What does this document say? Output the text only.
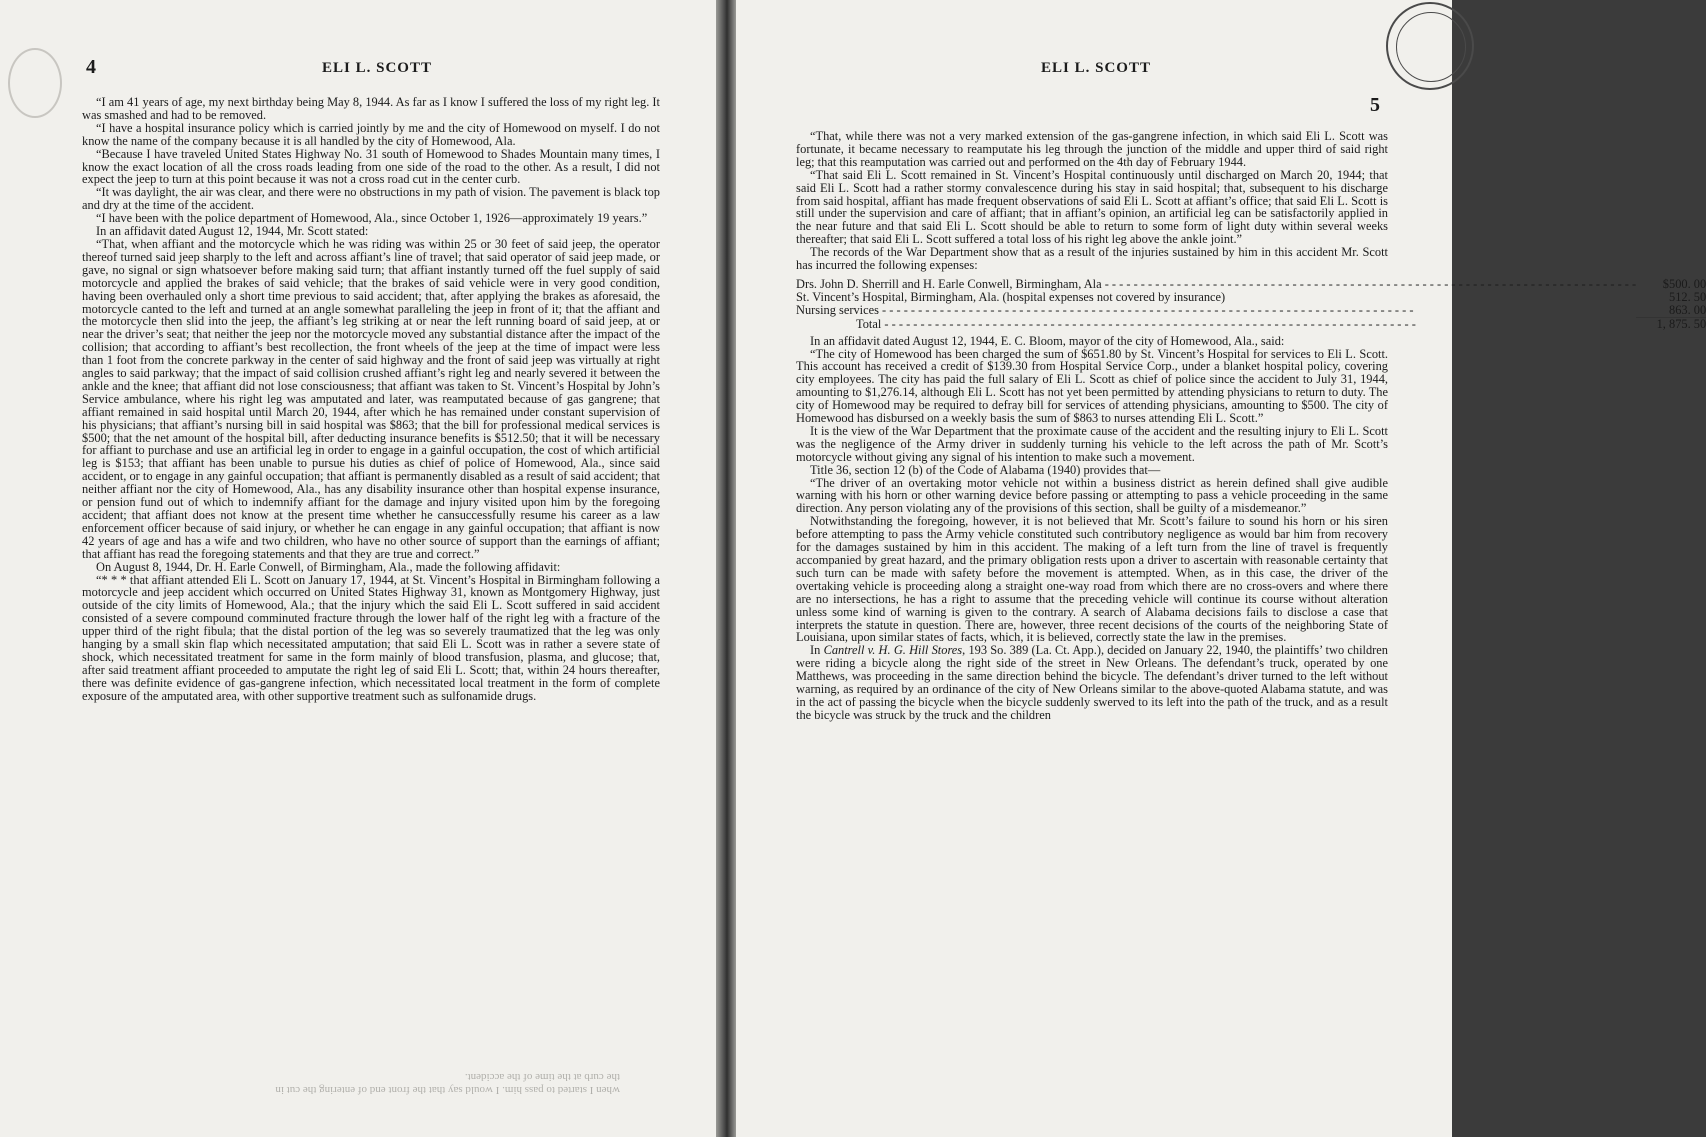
4	ELI L. SCOTT

“I am 41 years of age, my next birthday being May 8, 1944. As far as I know I suffered the loss of my right leg. It was smashed and had to be removed.

“I have a hospital insurance policy which is carried jointly by me and the city of Homewood on myself. I do not know the name of the company because it is all handled by the city of Homewood, Ala.

“Because I have traveled United States Highway No. 31 south of Homewood to Shades Mountain many times, I know the exact location of all the cross roads leading from one side of the road to the other. As a result, I did not expect the jeep to turn at this point because it was not a cross road cut in the center curb.

“It was daylight, the air was clear, and there were no obstructions in my path of vision. The pavement is black top and dry at the time of the accident.

“I have been with the police department of Homewood, Ala., since October 1, 1926—approximately 19 years.”

In an affidavit dated August 12, 1944, Mr. Scott stated:

“That, when affiant and the motorcycle which he was riding was within 25 or 30 feet of said jeep, the operator thereof turned said jeep sharply to the left and across affiant’s line of travel; that said operator of said jeep made, or gave, no signal or sign whatsoever before making said turn; that affiant instantly turned off the fuel supply of said motorcycle and applied the brakes of said vehicle; that the brakes of said vehicle were in very good condition, having been overhauled only a short time previous to said accident; that, after applying the brakes as aforesaid, the motorcycle canted to the left and turned at an angle somewhat paralleling the jeep in front of it; that the affiant and the motorcycle then slid into the jeep, the affiant’s leg striking at or near the left running board of said jeep, at or near the driver’s seat; that neither the jeep nor the motorcycle moved any substantial distance after the impact of the collision; that according to affiant’s best recollection, the front wheels of the jeep at the time of impact were less than 1 foot from the concrete parkway in the center of said highway and the front of said jeep was virtually at right angles to said parkway; that the impact of said collision crushed affiant’s right leg and nearly severed it between the ankle and the knee; that affiant did not lose consciousness; that affiant was taken to St. Vincent’s Hospital by John’s Service ambulance, where his right leg was amputated and later, was reamputated because of gas gangrene; that affiant remained in said hospital until March 20, 1944, after which he has remained under constant supervision of his physicians; that affiant’s nursing bill in said hospital was $863; that the bill for professional medical services is $500; that the net amount of the hospital bill, after deducting insurance benefits is $512.50; that it will be necessary for affiant to purchase and use an artificial leg in order to engage in a gainful occupation, the cost of which artificial leg is $153; that affiant has been unable to pursue his duties as chief of police of Homewood, Ala., since said accident, or to engage in any gainful occupation; that affiant is permanently disabled as a result of said accident; that neither affiant nor the city of Homewood, Ala., has any disability insurance other than hospital expense insurance, or pension fund out of which to indemnify affiant for the damage and injury visited upon him by the foregoing accident; that affiant does not know at the present time whether he cansuccessfully resume his career as a law enforcement officer because of said injury, or whether he can engage in any gainful occupation; that affiant is now 42 years of age and has a wife and two children, who have no other source of support than the earnings of affiant; that affiant has read the foregoing statements and that they are true and correct.”

On August 8, 1944, Dr. H. Earle Conwell, of Birmingham, Ala., made the following affidavit:

“* * * that affiant attended Eli L. Scott on January 17, 1944, at St. Vincent’s Hospital in Birmingham following a motorcycle and jeep accident which occurred on United States Highway 31, known as Montgomery Highway, just outside of the city limits of Homewood, Ala.; that the injury which the said Eli L. Scott suffered in said accident consisted of a severe compound comminuted fracture through the lower half of the right leg with a fracture of the upper third of the right fibula; that the distal portion of the leg was so severely traumatized that the leg was only hanging by a small skin flap which necessitated amputation; that said Eli L. Scott was in rather a severe state of shock, which necessitated treatment for same in the form mainly of blood transfusion, plasma, and glucose; that, after said treatment affiant proceeded to amputate the right leg of said Eli L. Scott; that, within 24 hours thereafter, there was definite evidence of gas-gangrene infection, which necessitated local treatment in the form of complete exposure of the amputated area, with other supportive treatment such as sulfonamide drugs.

when I started to pass him. I would say that the front end of entering the cut in the curb at the time of the accident.
ELI L. SCOTT
5

“That, while there was not a very marked extension of the gas-gangrene infection, in which said Eli L. Scott was fortunate, it became necessary to reamputate his leg through the junction of the middle and upper third of said right leg; that this reamputation was carried out and performed on the 4th day of February 1944.

“That said Eli L. Scott remained in St. Vincent’s Hospital continuously until discharged on March 20, 1944; that said Eli L. Scott had a rather stormy convalescence during his stay in said hospital; that, subsequent to his discharge from said hospital, affiant has made frequent observations of said Eli L. Scott at affiant’s office; that said Eli L. Scott is still under the supervision and care of affiant; that in affiant’s opinion, an artificial leg can be satisfactorily applied in the near future and that said Eli L. Scott should be able to return to some form of light duty within several weeks thereafter; that said Eli L. Scott suffered a total loss of his right leg above the ankle joint.”

The records of the War Department show that as a result of the injuries sustained by him in this accident Mr. Scott has incurred the following expenses:

Drs. John D. Sherrill and H. Earle Conwell, Birmingham, Ala - - -	$500. 00

St. Vincent’s Hospital, Birmingham, Ala. (hospital expenses not covered by insurance)	512. 50

Nursing services - - -	863. 00

Total - - -	1, 875. 50

In an affidavit dated August 12, 1944, E. C. Bloom, mayor of the city of Homewood, Ala., said:

“The city of Homewood has been charged the sum of $651.80 by St. Vincent’s Hospital for services to Eli L. Scott. This account has received a credit of $139.30 from Hospital Service Corp., under a blanket hospital policy, covering city employees. The city has paid the full salary of Eli L. Scott as chief of police since the accident to July 31, 1944, amounting to $1,276.14, although Eli L. Scott has not yet been permitted by attending physicians to return to duty. The city of Homewood may be required to defray bill for services of attending physicians, amounting to $500. The city of Homewood has disbursed on a weekly basis the sum of $863 to nurses attending Eli L. Scott.”

It is the view of the War Department that the proximate cause of the accident and the resulting injury to Eli L. Scott was the negligence of the Army driver in suddenly turning his vehicle to the left across the path of Mr. Scott’s motorcycle without giving any signal of his intention to make such a movement.

Title 36, section 12 (b) of the Code of Alabama (1940) provides that—

“The driver of an overtaking motor vehicle not within a business district as herein defined shall give audible warning with his horn or other warning device before passing or attempting to pass a vehicle proceeding in the same direction. Any person violating any of the provisions of this section, shall be guilty of a misdemeanor.”

Notwithstanding the foregoing, however, it is not believed that Mr. Scott’s failure to sound his horn or his siren before attempting to pass the Army vehicle constituted such contributory negligence as would bar him from recovery for the damages sustained by him in this accident. The making of a left turn from the line of travel is frequently accompanied by great hazard, and the primary obligation rests upon a driver to ascertain with reasonable certainty that such turn can be made with safety before the movement is attempted. When, as in this case, the driver of the overtaking vehicle is proceeding along a straight one-way road from which there are no cross-overs and where there are no intersections, he has a right to assume that the preceding vehicle will continue its course without alteration unless some kind of warning is given to the contrary. A search of Alabama decisions fails to disclose a case that interprets the statute in question. There are, however, three recent decisions of the courts of the neighboring State of Louisiana, upon similar states of facts, which, it is believed, correctly state the law in the premises.

In Cantrell v. H. G. Hill Stores, 193 So. 389 (La. Ct. App.), decided on January 22, 1940, the plaintiffs’ two children were riding a bicycle along the right side of the street in New Orleans. The defendant’s truck, operated by one Matthews, was proceeding in the same direction behind the bicycle. The defendant’s driver turned to the left without warning, as required by an ordinance of the city of New Orleans similar to the above-quoted Alabama statute, and was in the act of passing the bicycle when the bicycle suddenly swerved to its left into the path of the truck, and as a result the bicycle was struck by the truck and the children
